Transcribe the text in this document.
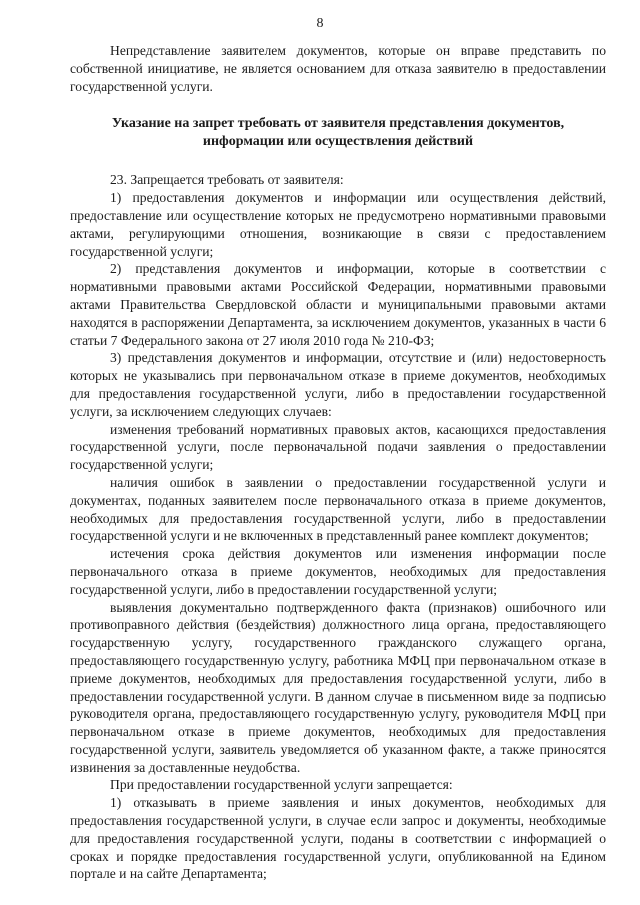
8

Непредставление заявителем документов, которые он вправе представить по собственной инициативе, не является основанием для отказа заявителю в предоставлении государственной услуги.

Указание на запрет требовать от заявителя представления документов, информации или осуществления действий

23. Запрещается требовать от заявителя:

1) предоставления документов и информации или осуществления действий, предоставление или осуществление которых не предусмотрено нормативными правовыми актами, регулирующими отношения, возникающие в связи с предоставлением государственной услуги;

2) представления документов и информации, которые в соответствии с нормативными правовыми актами Российской Федерации, нормативными правовыми актами Правительства Свердловской области и муниципальными правовыми актами находятся в распоряжении Департамента, за исключением документов, указанных в части 6 статьи 7 Федерального закона от 27 июля 2010 года № 210-ФЗ;

3) представления документов и информации, отсутствие и (или) недостоверность которых не указывались при первоначальном отказе в приеме документов, необходимых для предоставления государственной услуги, либо в предоставлении государственной услуги, за исключением следующих случаев:

изменения требований нормативных правовых актов, касающихся предоставления государственной услуги, после первоначальной подачи заявления о предоставлении государственной услуги;

наличия ошибок в заявлении о предоставлении государственной услуги и документах, поданных заявителем после первоначального отказа в приеме документов, необходимых для предоставления государственной услуги, либо в предоставлении государственной услуги и не включенных в представленный ранее комплект документов;

истечения срока действия документов или изменения информации после первоначального отказа в приеме документов, необходимых для предоставления государственной услуги, либо в предоставлении государственной услуги;

выявления документально подтвержденного факта (признаков) ошибочного или противоправного действия (бездействия) должностного лица органа, предоставляющего государственную услугу, государственного гражданского служащего органа, предоставляющего государственную услугу, работника МФЦ при первоначальном отказе в приеме документов, необходимых для предоставления государственной услуги, либо в предоставлении государственной услуги. В данном случае в письменном виде за подписью руководителя органа, предоставляющего государственную услугу, руководителя МФЦ при первоначальном отказе в приеме документов, необходимых для предоставления государственной услуги, заявитель уведомляется об указанном факте, а также приносятся извинения за доставленные неудобства.

При предоставлении государственной услуги запрещается:

1) отказывать в приеме заявления и иных документов, необходимых для предоставления государственной услуги, в случае если запрос и документы, необходимые для предоставления государственной услуги, поданы в соответствии с информацией о сроках и порядке предоставления государственной услуги, опубликованной на Едином портале и на сайте Департамента;
